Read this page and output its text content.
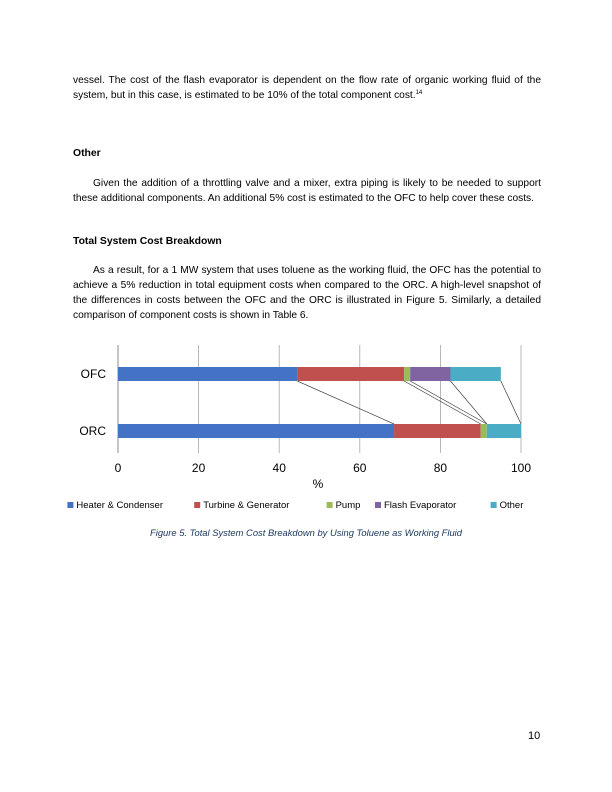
vessel. The cost of the flash evaporator is dependent on the flow rate of organic working fluid of the system, but in this case, is estimated to be 10% of the total component cost.$^{14}$

Other

Given the addition of a throttling valve and a mixer, extra piping is likely to be needed to support these additional components. An additional 5% cost is estimated to the OFC to help cover these costs.

Total System Cost Breakdown

As a result, for a 1 MW system that uses toluene as the working fluid, the OFC has the potential to achieve a 5% reduction in total equipment costs when compared to the ORC. A high-level snapshot of the differences in costs between the OFC and the ORC is illustrated in Figure 5. Similarly, a detailed comparison of component costs is shown in Table 6.

0	20	40	60	80	100
%
OFC
ORC
Heater & Condenser	Turbine & Generator	Pump Flash Evaporator	Other
Figure 5. Total System Cost Breakdown by Using Toluene as Working Fluid
10
